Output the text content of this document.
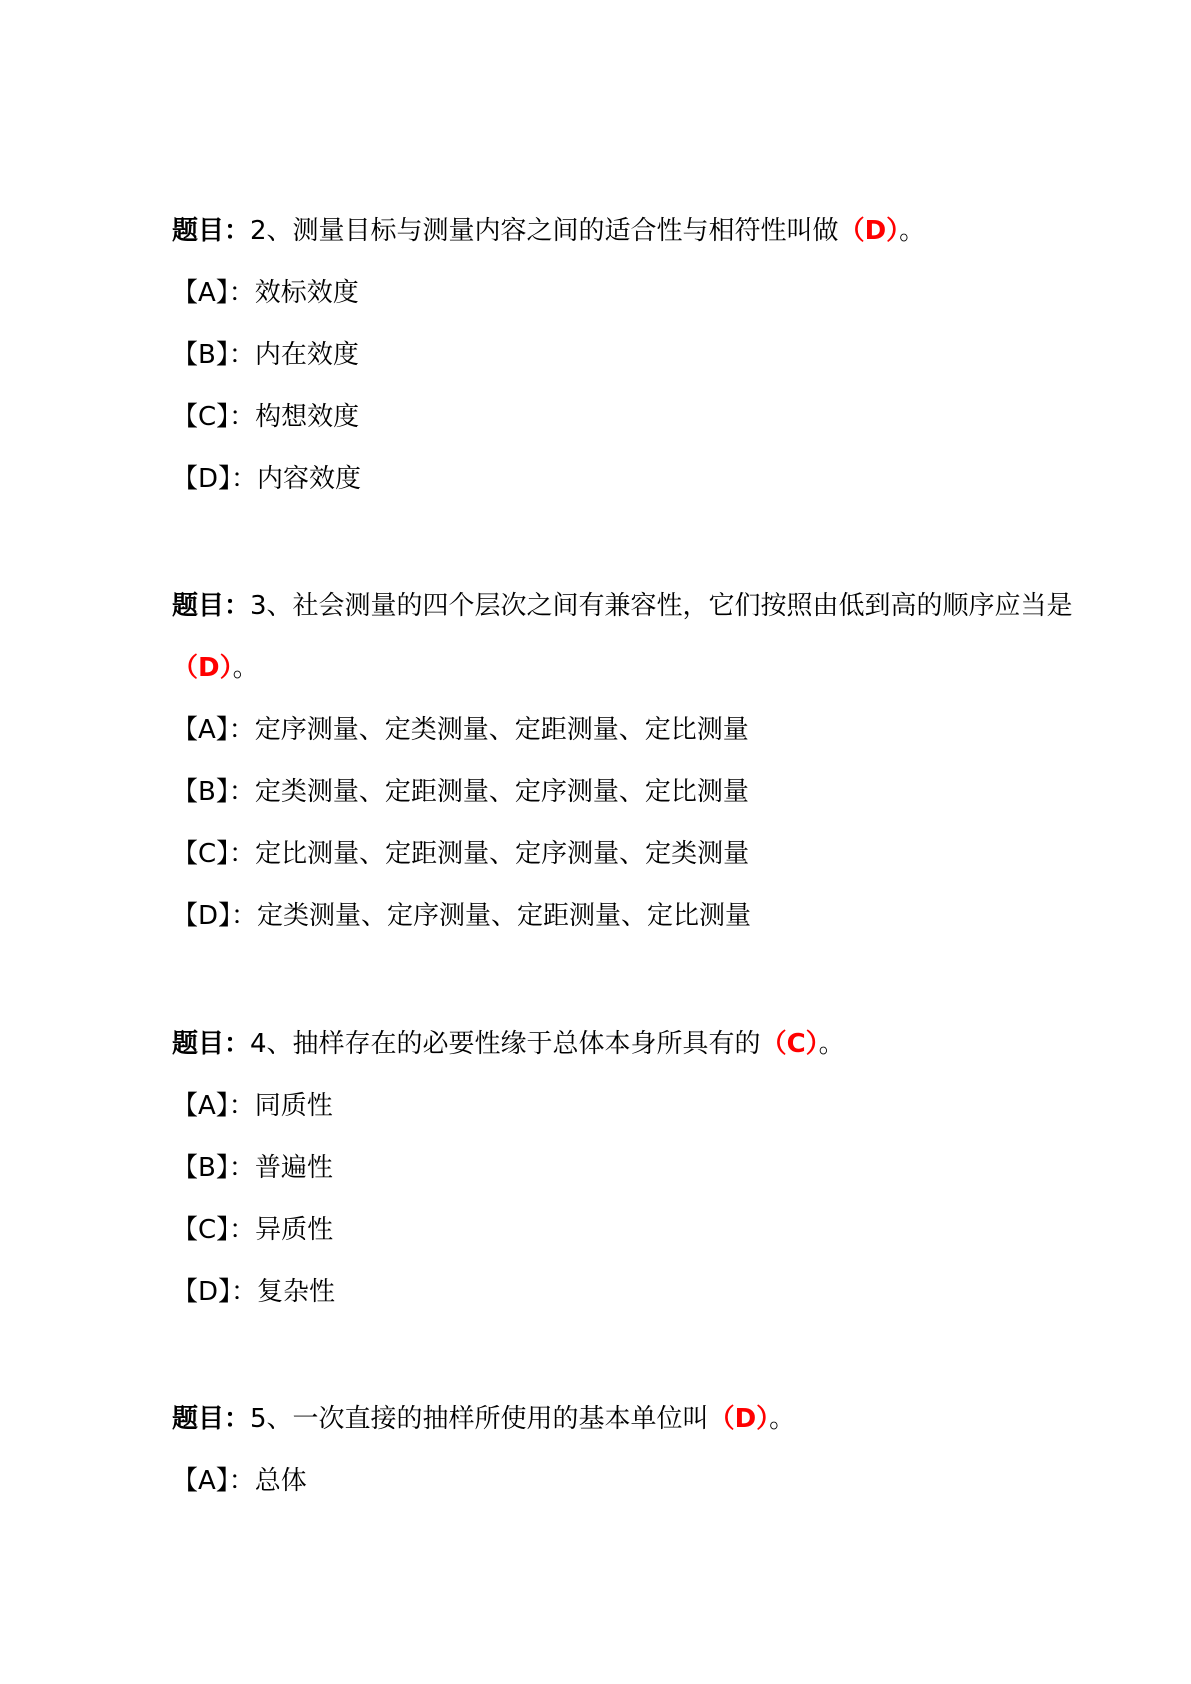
题目：2、测量目标与测量内容之间的适合性与相符性叫做（D）。
【A】：效标效度
【B】：内在效度
【C】：构想效度
【D】：内容效度
题目：3、社会测量的四个层次之间有兼容性，它们按照由低到高的顺序应当是（D）。
【A】：定序测量、定类测量、定距测量、定比测量
【B】：定类测量、定距测量、定序测量、定比测量
【C】：定比测量、定距测量、定序测量、定类测量
【D】：定类测量、定序测量、定距测量、定比测量
题目：4、抽样存在的必要性缘于总体本身所具有的（C）。
【A】：同质性
【B】：普遍性
【C】：异质性
【D】：复杂性
题目：5、一次直接的抽样所使用的基本单位叫（D）。
【A】：总体
